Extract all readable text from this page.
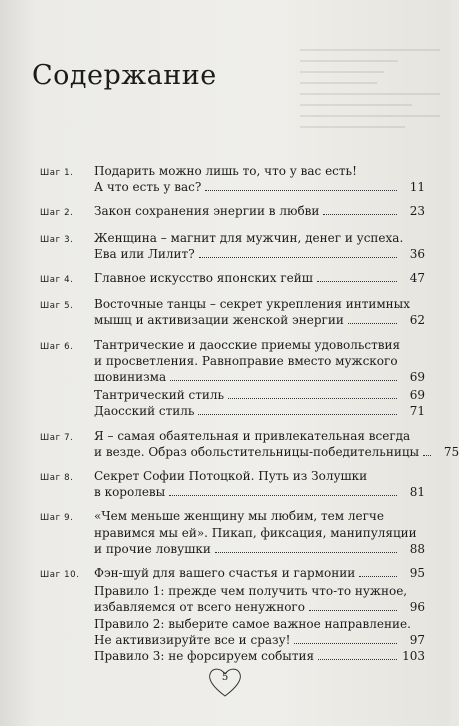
Содержание
Шаг 1.	Подарить можно лишь то, что у вас есть!
А что есть у вас?	11
Шаг 2.	Закон сохранения энергии в любви	23
Шаг 3.	Женщина – магнит для мужчин, денег и успеха.
Ева или Лилит?	36
Шаг 4.	Главное искусство японских гейш	47
Шаг 5.	Восточные танцы – секрет укрепления интимных
мышц и активизации женской энергии	62
Шаг 6.	Тантрические и даосские приемы удовольствия
и просветления. Равноправие вместо мужского
шовинизма	69
Тантрический стиль	69
Даосский стиль	71
Шаг 7.	Я – самая обаятельная и привлекательная всегда
и везде. Образ обольстительницы-победительницы	75
Шаг 8.	Секрет Софии Потоцкой. Путь из Золушки
в королевы	81
Шаг 9.	«Чем меньше женщину мы любим, тем легче
нравимся мы ей». Пикап, фиксация, манипуляции
и прочие ловушки	88
Шаг 10.	Фэн-шуй для вашего счастья и гармонии	95
Правило 1: прежде чем получить что-то нужное,
избавляемся от всего ненужного	96
Правило 2: выберите самое важное направление.
Не активизируйте все и сразу!	97
Правило 3: не форсируем события	103
5
